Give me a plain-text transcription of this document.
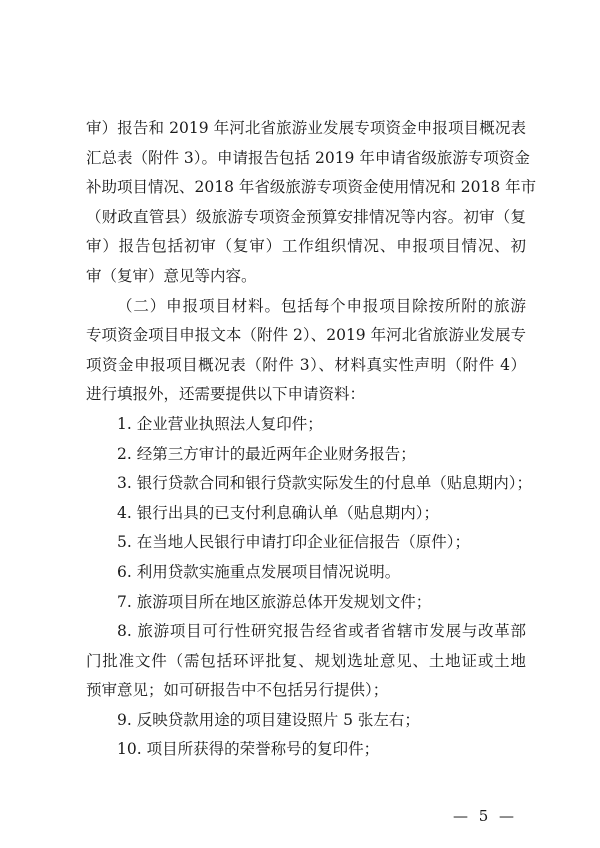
审）报告和 2019 年河北省旅游业发展专项资金申报项目概况表
汇总表（附件 3）。申请报告包括 2019 年申请省级旅游专项资金
补助项目情况、2018 年省级旅游专项资金使用情况和 2018 年市
（财政直管县）级旅游专项资金预算安排情况等内容。初审（复
审）报告包括初审（复审）工作组织情况、申报项目情况、初
审（复审）意见等内容。
（二）申报项目材料。包括每个申报项目除按所附的旅游
专项资金项目申报文本（附件 2）、2019 年河北省旅游业发展专
项资金申报项目概况表（附件 3）、材料真实性声明（附件 4）
进行填报外，还需要提供以下申请资料：
1. 企业营业执照法人复印件；
2. 经第三方审计的最近两年企业财务报告；
3. 银行贷款合同和银行贷款实际发生的付息单（贴息期内）；
4. 银行出具的已支付利息确认单（贴息期内）；
5. 在当地人民银行申请打印企业征信报告（原件）；
6. 利用贷款实施重点发展项目情况说明。
7. 旅游项目所在地区旅游总体开发规划文件；
8. 旅游项目可行性研究报告经省或者省辖市发展与改革部
门批准文件（需包括环评批复、规划选址意见、土地证或土地
预审意见；如可研报告中不包括另行提供）；
9. 反映贷款用途的项目建设照片 5 张左右；
10. 项目所获得的荣誉称号的复印件；
— 5 —
